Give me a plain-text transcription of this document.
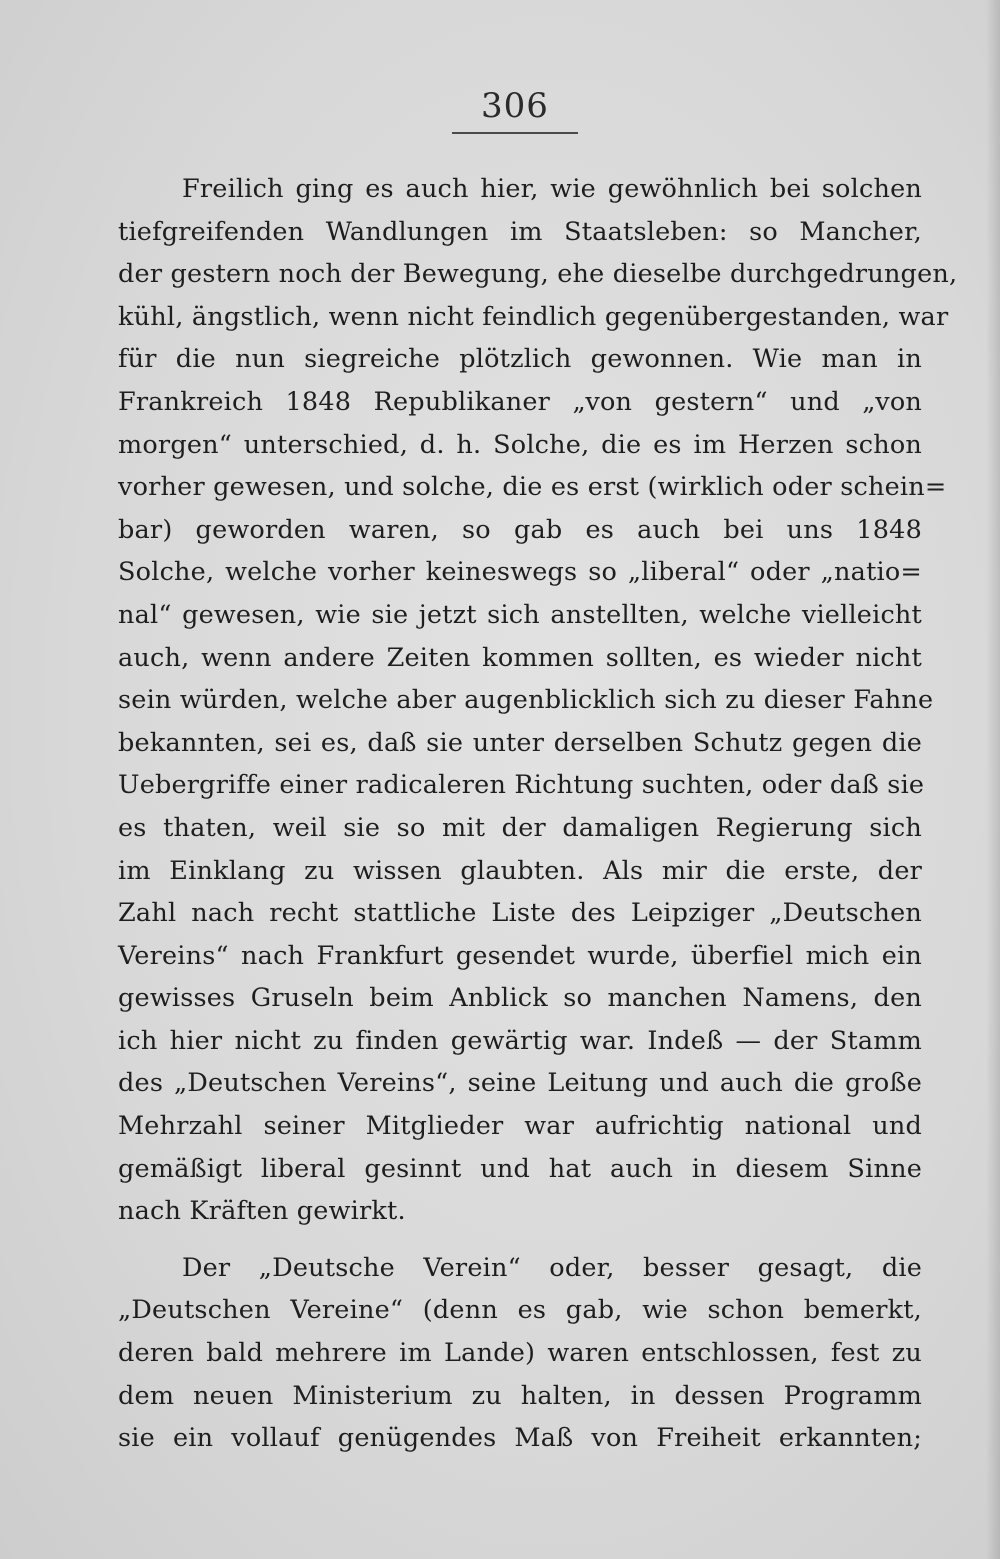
306
Freilich ging es auch hier, wie gewöhnlich bei solchen
tiefgreifenden Wandlungen im Staatsleben: so Mancher,
der gestern noch der Bewegung, ehe dieselbe durchgedrungen,
kühl, ängstlich, wenn nicht feindlich gegenübergestanden, war
für die nun siegreiche plötzlich gewonnen. Wie man in
Frankreich 1848 Republikaner „von gestern“ und „von
morgen“ unterschied, d. h. Solche, die es im Herzen schon
vorher gewesen, und solche, die es erst (wirklich oder schein=
bar) geworden waren, so gab es auch bei uns 1848
Solche, welche vorher keineswegs so „liberal“ oder „natio=
nal“ gewesen, wie sie jetzt sich anstellten, welche vielleicht
auch, wenn andere Zeiten kommen sollten, es wieder nicht
sein würden, welche aber augenblicklich sich zu dieser Fahne
bekannten, sei es, daß sie unter derselben Schutz gegen die
Uebergriffe einer radicaleren Richtung suchten, oder daß sie
es thaten, weil sie so mit der damaligen Regierung sich
im Einklang zu wissen glaubten. Als mir die erste, der
Zahl nach recht stattliche Liste des Leipziger „Deutschen
Vereins“ nach Frankfurt gesendet wurde, überfiel mich ein
gewisses Gruseln beim Anblick so manchen Namens, den
ich hier nicht zu finden gewärtig war. Indeß — der Stamm
des „Deutschen Vereins“, seine Leitung und auch die große
Mehrzahl seiner Mitglieder war aufrichtig national und
gemäßigt liberal gesinnt und hat auch in diesem Sinne
nach Kräften gewirkt.
Der „Deutsche Verein“ oder, besser gesagt, die
„Deutschen Vereine“ (denn es gab, wie schon bemerkt,
deren bald mehrere im Lande) waren entschlossen, fest zu
dem neuen Ministerium zu halten, in dessen Programm
sie ein vollauf genügendes Maß von Freiheit erkannten;
